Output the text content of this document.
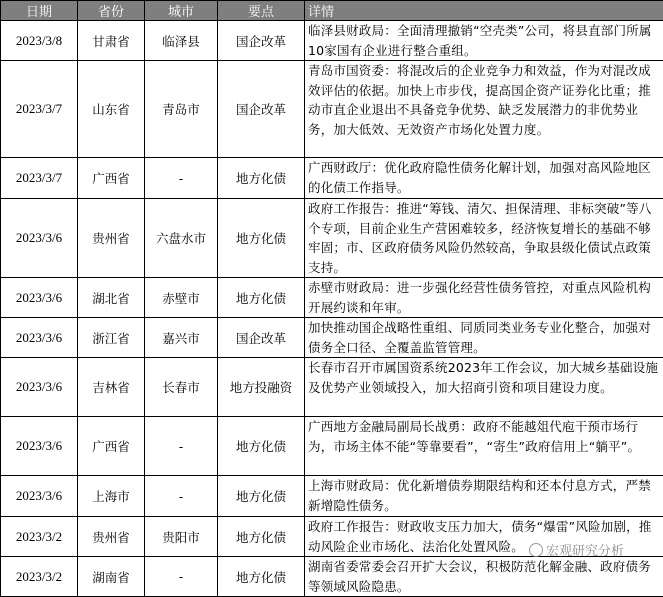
日期	省份	城市	要点	详情
2023/3/8	甘肃省	临泽县	国企改革	临泽县财政局：全面清理撤销“空壳类”公司，将县直部门所属10家国有企业进行整合重组。
2023/3/7	山东省	青岛市	国企改革	青岛市国资委：将混改后的企业竞争力和效益，作为对混改成效评估的依据。加快上市步伐，提高国企资产证券化比重；推动市直企业退出不具备竞争优势、缺乏发展潜力的非优势业务，加大低效、无效资产市场化处置力度。
2023/3/7	广西省	-	地方化债	广西财政厅：优化政府隐性债务化解计划，加强对高风险地区的化债工作指导。
2023/3/6	贵州省	六盘水市	地方化债	政府工作报告：推进“筹钱、清欠、担保清理、非标突破”等八个专项，目前企业生产营困难较多，经济恢复增长的基础不够牢固；市、区政府债务风险仍然较高，争取县级化债试点政策支持。
2023/3/6	湖北省	赤壁市	地方化债	赤壁市财政局：进一步强化经营性债务管控，对重点风险机构开展约谈和年审。
2023/3/6	浙江省	嘉兴市	国企改革	加快推动国企战略性重组、同质同类业务专业化整合，加强对债务全口径、全覆盖监管管理。
2023/3/6	吉林省	长春市	地方投融资	长春市召开市属国资系统2023年工作会议，加大城乡基础设施及优势产业领域投入，加大招商引资和项目建设力度。
2023/3/6	广西省	-	地方化债	广西地方金融局副局长战勇：政府不能越俎代庖干预市场行为，市场主体不能“等靠要看”，“寄生”政府信用上“躺平”。
2023/3/6	上海市	-	地方化债	上海市财政局：优化新增债券期限结构和还本付息方式，严禁新增隐性债务。
2023/3/2	贵州省	贵阳市	地方化债	政府工作报告：财政收支压力加大，债务“爆雷”风险加剧，推动风险企业市场化、法治化处置风险。
2023/3/2	湖南省	-	地方化债	湖南省委常委会召开扩大会议，积极防范化解金融、政府债务等领域风险隐患。
宏观研究分析
